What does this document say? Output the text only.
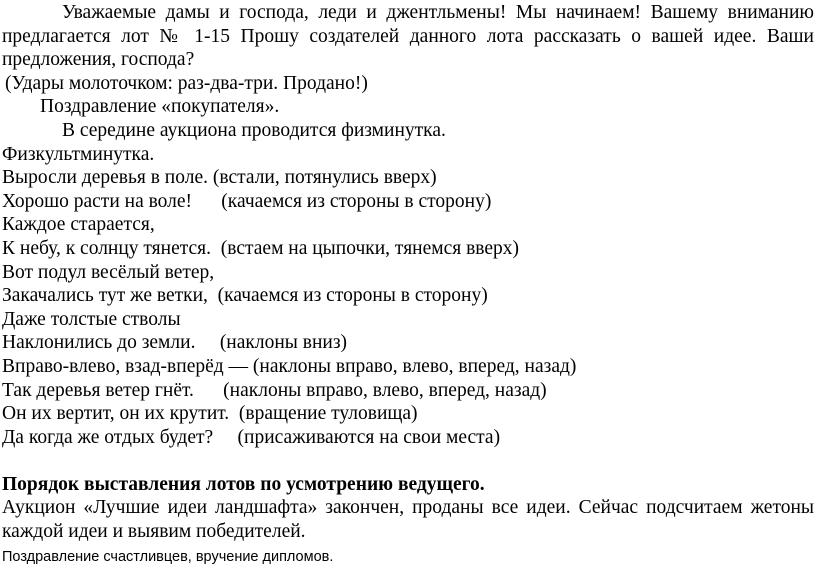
Уважаемые дамы и господа, леди и джентльмены! Мы начинаем! Вашему вниманию предлагается лот № 1-15 Прошу создателей данного лота рассказать о вашей идее. Ваши предложения, господа?

(Удары молоточком: раз-два-три. Продано!)

Поздравление «покупателя».

В середине аукциона проводится физминутка.

Физкультминутка.

Выросли деревья в поле. (встали, потянулись вверх)

Хорошо расти на воле!      (качаемся из стороны в сторону)

Каждое старается,

К небу, к солнцу тянется.  (встаем на цыпочки, тянемся вверх)

Вот подул весёлый ветер,

Закачались тут же ветки,  (качаемся из стороны в сторону)

Даже толстые стволы

Наклонились до земли.     (наклоны вниз)

Вправо-влево, взад-вперёд — (наклоны вправо, влево, вперед, назад)

Так деревья ветер гнёт.      (наклоны вправо, влево, вперед, назад)

Он их вертит, он их крутит.  (вращение туловища)

Да когда же отдых будет?     (присаживаются на свои места)

Порядок выставления лотов по усмотрению ведущего.

Аукцион «Лучшие идеи ландшафта» закончен, проданы все идеи. Сейчас подсчитаем жетоны каждой идеи и выявим победителей.

Поздравление счастливцев, вручение дипломов.
